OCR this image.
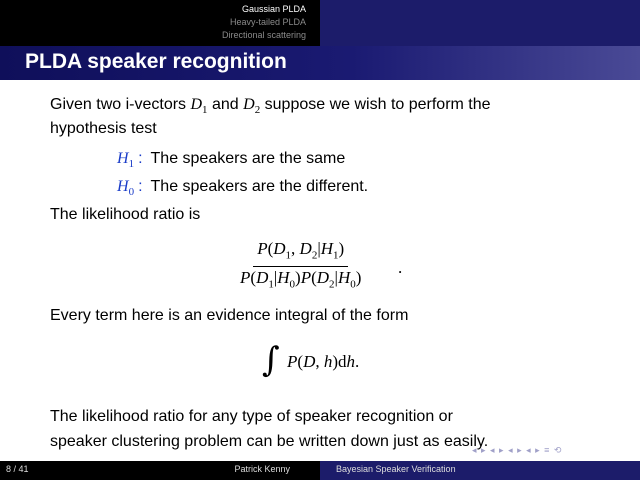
Gaussian PLDA
Heavy-tailed PLDA
Directional scattering
PLDA speaker recognition
Given two i-vectors $D_1$ and $D_2$ suppose we wish to perform the
hypothesis test
$H_1$ : The speakers are the same
$H_0$ : The speakers are the different.
The likelihood ratio is
$\frac{P(D_1, D_2|H_1)}{P(D_1|H_0)P(D_2|H_0)}$ .
Every term here is an evidence integral of the form
∫ P(D, h)dh.
The likelihood ratio for any type of speaker recognition or
speaker clustering problem can be written down just as easily.
◂ ▸ ◂ ▸ ◂ ▸ ◂ ▸ ≡ ⟲
8 / 41	Patrick Kenny	Bayesian Speaker Verification
